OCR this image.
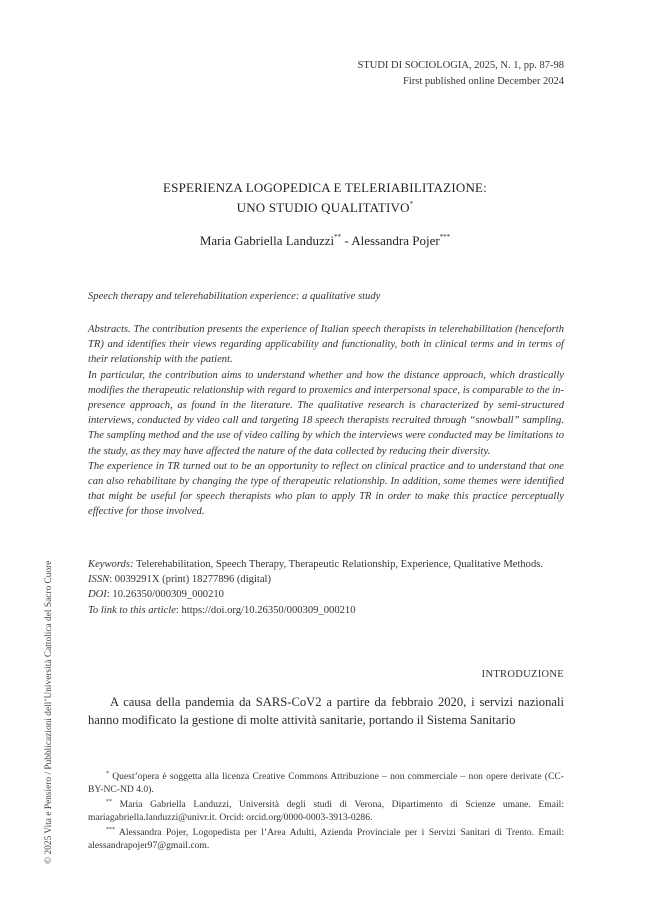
STUDI DI SOCIOLOGIA, 2025, N. 1, pp. 87-98
First published online December 2024
ESPERIENZA LOGOPEDICA E TELERIABILITAZIONE:
UNO STUDIO QUALITATIVO*
Maria Gabriella Landuzzi** - Alessandra Pojer***
Speech therapy and telerehabilitation experience: a qualitative study

Abstracts. The contribution presents the experience of Italian speech therapists in telerehabilitation (henceforth TR) and identifies their views regarding applicability and functionality, both in clinical terms and in terms of their relationship with the patient.

In particular, the contribution aims to understand whether and how the distance approach, which drastically modifies the therapeutic relationship with regard to proxemics and interpersonal space, is comparable to the in-presence approach, as found in the literature. The qualitative research is characterized by semi-structured interviews, conducted by video call and targeting 18 speech therapists recruited through “snowball” sampling. The sampling method and the use of video calling by which the interviews were conducted may be limitations to the study, as they may have affected the nature of the data collected by reducing their diversity.

The experience in TR turned out to be an opportunity to reflect on clinical practice and to understand that one can also rehabilitate by changing the type of therapeutic relationship. In addition, some themes were identified that might be useful for speech therapists who plan to apply TR in order to make this practice perceptually effective for those involved.

Keywords: Telerehabilitation, Speech Therapy, Therapeutic Relationship, Experience, Qualitative Methods.

ISSN: 0039291X (print) 18277896 (digital)

DOI: 10.26350/000309_000210

To link to this article: https://doi.org/10.26350/000309_000210

INTRODUZIONE
A causa della pandemia da SARS-CoV2 a partire da febbraio 2020, i servizi nazionali hanno modificato la gestione di molte attività sanitarie, portando il Sistema Sanitario

* Quest’opera è soggetta alla licenza Creative Commons Attribuzione – non commerciale – non opere derivate (CC-BY-NC-ND 4.0).

** Maria Gabriella Landuzzi, Università degli studi di Verona, Dipartimento di Scienze umane. Email: mariagabriella.landuzzi@univr.it. Orcid: orcid.org/0000-0003-3913-0286.

*** Alessandra Pojer, Logopedista per l’Area Adulti, Azienda Provinciale per i Servizi Sanitari di Trento. Email: alessandrapojer97@gmail.com.

© 2025 Vita e Pensiero / Pubblicazioni dell’Università Cattolica del Sacro Cuore
